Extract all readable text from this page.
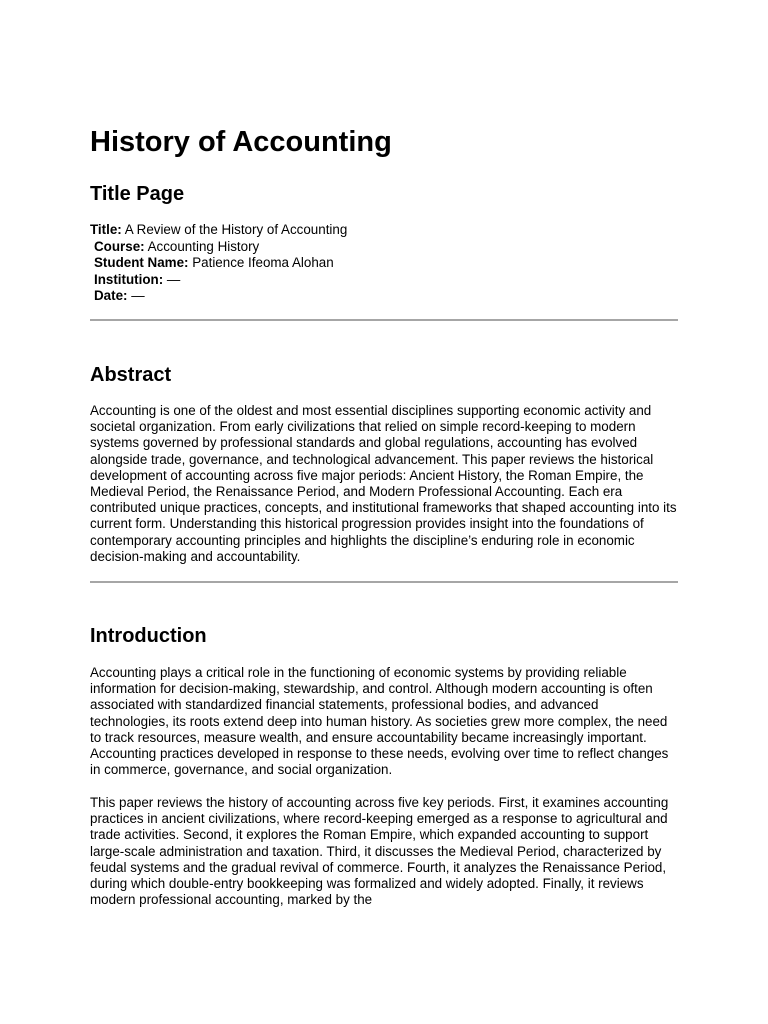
History of Accounting
Title Page
Title: A Review of the History of Accounting
Course: Accounting History
Student Name: Patience Ifeoma Alohan
Institution: —
Date: —
Abstract

Accounting is one of the oldest and most essential disciplines supporting economic activity and societal organization. From early civilizations that relied on simple record-keeping to modern systems governed by professional standards and global regulations, accounting has evolved alongside trade, governance, and technological advancement. This paper reviews the historical development of accounting across five major periods: Ancient History, the Roman Empire, the Medieval Period, the Renaissance Period, and Modern Professional Accounting. Each era contributed unique practices, concepts, and institutional frameworks that shaped accounting into its current form. Understanding this historical progression provides insight into the foundations of contemporary accounting principles and highlights the discipline’s enduring role in economic decision-making and accountability.

Introduction

Accounting plays a critical role in the functioning of economic systems by providing reliable information for decision-making, stewardship, and control. Although modern accounting is often associated with standardized financial statements, professional bodies, and advanced technologies, its roots extend deep into human history. As societies grew more complex, the need to track resources, measure wealth, and ensure accountability became increasingly important. Accounting practices developed in response to these needs, evolving over time to reflect changes in commerce, governance, and social organization.

This paper reviews the history of accounting across five key periods. First, it examines accounting practices in ancient civilizations, where record-keeping emerged as a response to agricultural and trade activities. Second, it explores the Roman Empire, which expanded accounting to support large-scale administration and taxation. Third, it discusses the Medieval Period, characterized by feudal systems and the gradual revival of commerce. Fourth, it analyzes the Renaissance Period, during which double-entry bookkeeping was formalized and widely adopted. Finally, it reviews modern professional accounting, marked by the
